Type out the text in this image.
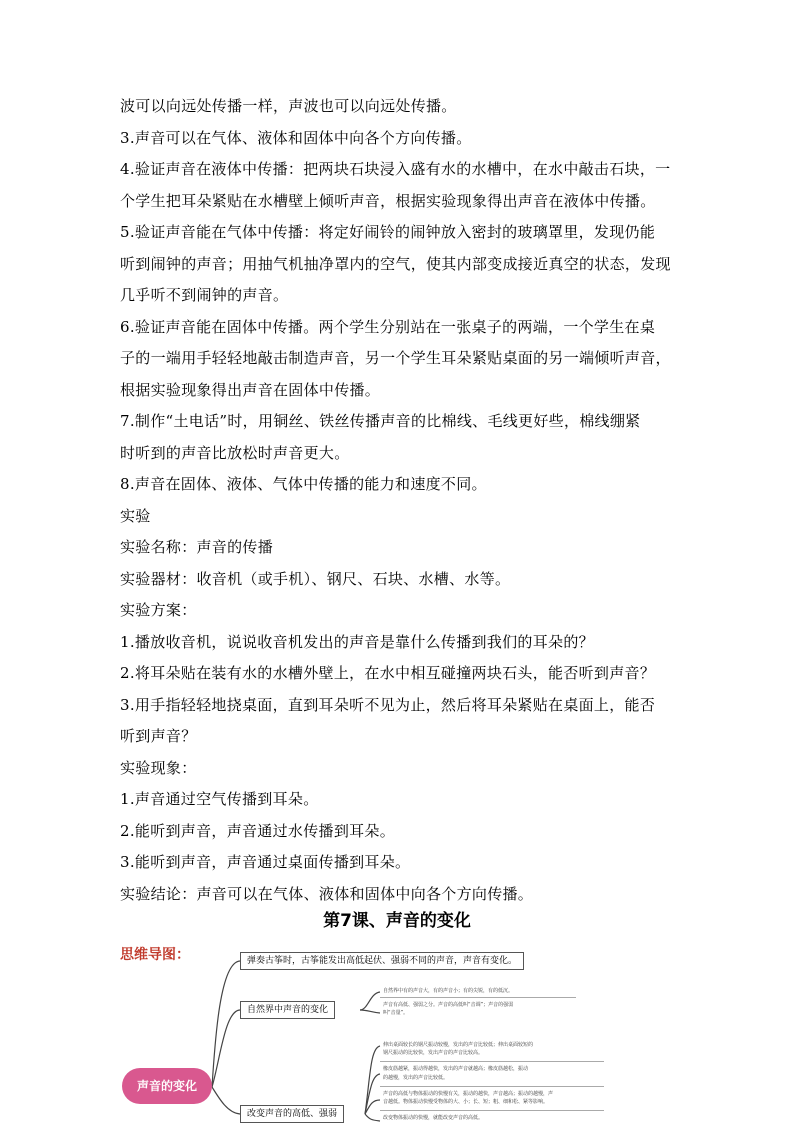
波可以向远处传播一样，声波也可以向远处传播。
3.声音可以在气体、液体和固体中向各个方向传播。
4.验证声音在液体中传播：把两块石块浸入盛有水的水槽中，在水中敲击石块，一
个学生把耳朵紧贴在水槽壁上倾听声音，根据实验现象得出声音在液体中传播。
5.验证声音能在气体中传播：将定好闹铃的闹钟放入密封的玻璃罩里，发现仍能
听到闹钟的声音；用抽气机抽净罩内的空气，使其内部变成接近真空的状态，发现
几乎听不到闹钟的声音。
6.验证声音能在固体中传播。两个学生分别站在一张桌子的两端，一个学生在桌
子的一端用手轻轻地敲击制造声音，另一个学生耳朵紧贴桌面的另一端倾听声音，
根据实验现象得出声音在固体中传播。
7.制作“土电话”时，用铜丝、铁丝传播声音的比棉线、毛线更好些，棉线绷紧
时听到的声音比放松时声音更大。
8.声音在固体、液体、气体中传播的能力和速度不同。
实验
实验名称：声音的传播
实验器材：收音机（或手机）、钢尺、石块、水槽、水等。
实验方案：
1.播放收音机，说说收音机发出的声音是靠什么传播到我们的耳朵的？
2.将耳朵贴在装有水的水槽外壁上，在水中相互碰撞两块石头，能否听到声音？
3.用手指轻轻地挠桌面，直到耳朵听不见为止，然后将耳朵紧贴在桌面上，能否
听到声音？
实验现象：
1.声音通过空气传播到耳朵。
2.能听到声音，声音通过水传播到耳朵。
3.能听到声音，声音通过桌面传播到耳朵。
实验结论：声音可以在气体、液体和固体中向各个方向传播。
第7课、声音的变化
思维导图：
声音的变化
弹奏古筝时，古筝能发出高低起伏、强弱不同的声音，声音有变化。
自然界中声音的变化
改变声音的高低、强弱
自然界中有的声音大，有的声音小；有的尖锐，有的低沉。
声音有高低、强弱之分。声音的高低叫“音调”；声音的强弱
叫“音量”。
伸出桌面较长的钢尺振动较慢，发出的声音比较低；伸出桌面较短的
钢尺振动的比较快，发出声音的声音比较高。
橡皮筋越紧，振动得越快，发出的声音就越高；橡皮筋越松，振动
的越慢，发出的声音比较低。
声音的高低与物体振动的快慢有关，振动的越快，声音越高；振动的越慢，声
音越低。物体振动快慢受物体的大、小；长、短；粗、细和松、紧等影响。
改变物体振动的快慢，就能改变声音的高低。
